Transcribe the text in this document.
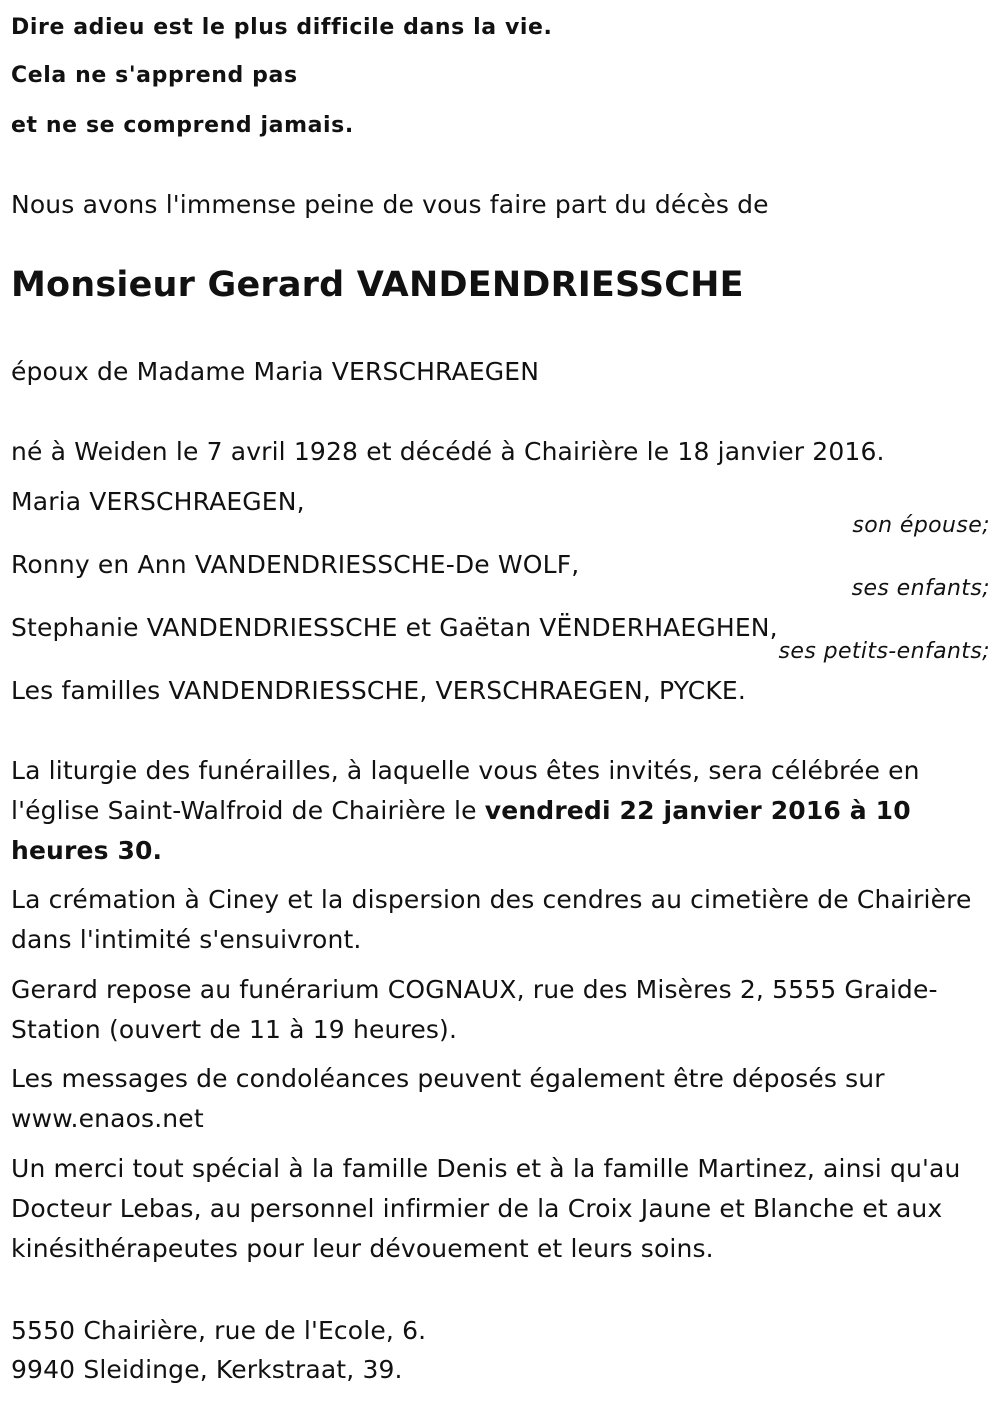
Dire adieu est le plus difficile dans la vie.
Cela ne s'apprend pas
et ne se comprend jamais.
Nous avons l'immense peine de vous faire part du décès de
Monsieur Gerard VANDENDRIESSCHE
époux de Madame Maria VERSCHRAEGEN
né à Weiden le 7 avril 1928 et décédé à Chairière le 18 janvier 2016.
Maria VERSCHRAEGEN,
son épouse;
Ronny en Ann VANDENDRIESSCHE-De WOLF,
ses enfants;
Stephanie VANDENDRIESSCHE et Gaëtan VËNDERHAEGHEN,
ses petits-enfants;
Les familles VANDENDRIESSCHE, VERSCHRAEGEN, PYCKE.
La liturgie des funérailles, à laquelle vous êtes invités, sera célébrée en l'église Saint-Walfroid de Chairière le vendredi 22 janvier 2016 à 10 heures 30.
La crémation à Ciney et la dispersion des cendres au cimetière de Chairière dans l'intimité s'ensuivront.
Gerard repose au funérarium COGNAUX, rue des Misères 2, 5555 Graide-Station (ouvert de 11 à 19 heures).
Les messages de condoléances peuvent également être déposés sur www.enaos.net
Un merci tout spécial à la famille Denis et à la famille Martinez, ainsi qu'au Docteur Lebas, au personnel infirmier de la Croix Jaune et Blanche et aux kinésithérapeutes pour leur dévouement et leurs soins.
5550 Chairière, rue de l'Ecole, 6.
9940 Sleidinge, Kerkstraat, 39.
